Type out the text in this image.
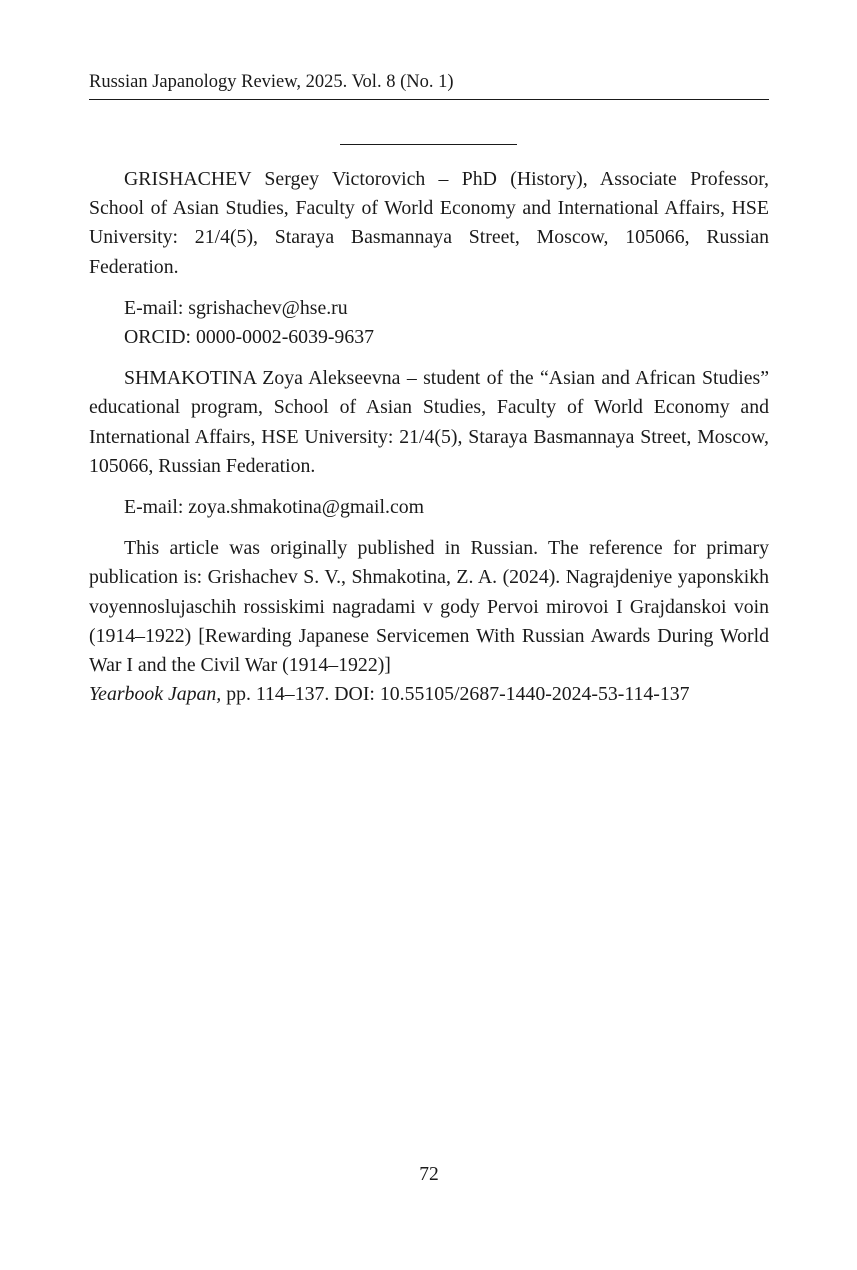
Russian Japanology Review, 2025. Vol. 8 (No. 1)

GRISHACHEV Sergey Victorovich – PhD (History), Associate Professor, School of Asian Studies, Faculty of World Economy and International Affairs, HSE University: 21/4(5), Staraya Basmannaya Street, Moscow, 105066, Russian Federation.

E-mail: sgrishachev@hse.ru
ORCID: 0000-0002-6039-9637

SHMAKOTINA Zoya Alekseevna – student of the “Asian and African Studies” educational program, School of Asian Studies, Faculty of World Economy and International Affairs, HSE University: 21/4(5), Staraya Basmannaya Street, Moscow, 105066, Russian Federation.

E-mail: zoya.shmakotina@gmail.com

This article was originally published in Russian. The reference for primary publication is: Grishachev S. V., Shmakotina, Z. A. (2024). Nagrajdeniye yaponskikh voyennoslujaschih rossiskimi nagradami v gody Pervoi mirovoi I Grajdanskoi voin (1914–1922) [Rewarding Japanese Servicemen With Russian Awards During World War I and the Civil War (1914–1922)]
Yearbook Japan, pp. 114–137. DOI: 10.55105/2687-1440-2024-53-114-137

72
